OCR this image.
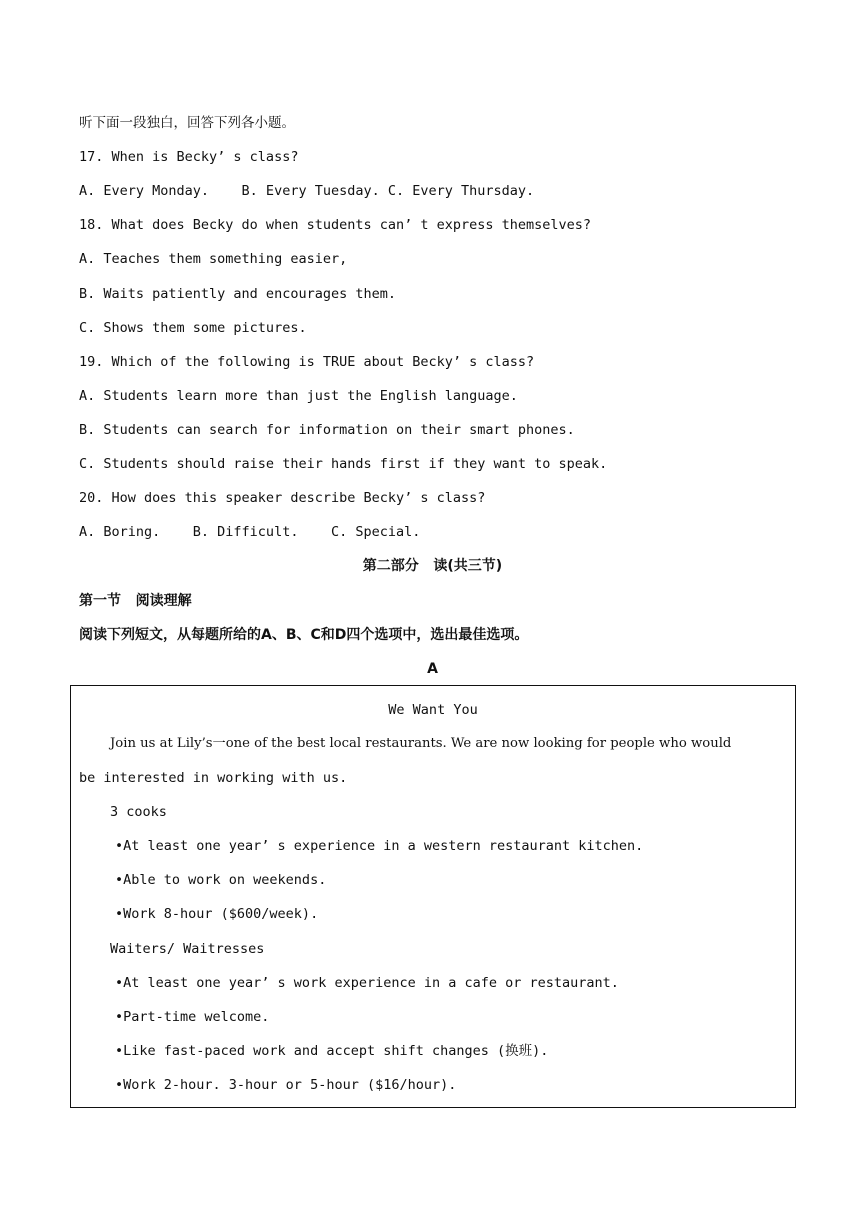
听下面一段独白，回答下列各小题。
17. When is Becky’ s class?
A. Every Monday.    B. Every Tuesday. C. Every Thursday.
18. What does Becky do when students can’ t express themselves?
A. Teaches them something easier,
B. Waits patiently and encourages them.
C. Shows them some pictures.
19. Which of the following is TRUE about Becky’ s class?
A. Students learn more than just the English language.
B. Students can search for information on their smart phones.
C. Students should raise their hands first if they want to speak.
20. How does this speaker describe Becky’ s class?
A. Boring.    B. Difficult.    C. Special.
第二部分   读(共三节)
第一节   阅读理解
阅读下列短文，从每题所给的A、B、C和D四个选项中，选出最佳选项。
A
We Want You
Join us at Lily’s一one of the best local restaurants. We are now looking for people who would
be interested in working with us.
3 cooks
•At least one year’ s experience in a western restaurant kitchen.
•Able to work on weekends.
•Work 8-hour ($600/week).
Waiters/ Waitresses
•At least one year’ s work experience in a cafe or restaurant.
•Part-time welcome.
•Like fast-paced work and accept shift changes (换班).
•Work 2-hour. 3-hour or 5-hour ($16/hour).
